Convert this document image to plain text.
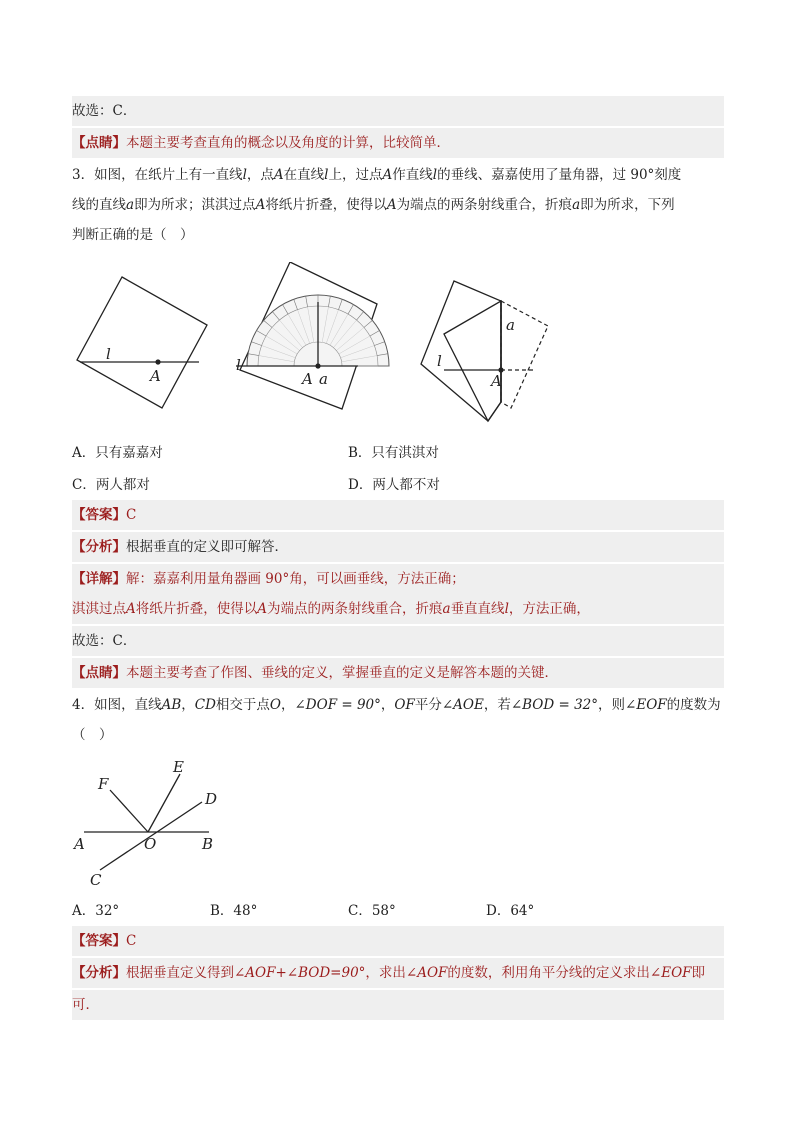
故选：C．
【点睛】本题主要考查直角的概念以及角度的计算，比较简单．
3．如图，在纸片上有一直线l，点A在直线l上，过点A作直线l的垂线、嘉嘉使用了量角器，过 90°刻度
线的直线a即为所求；淇淇过点A将纸片折叠，使得以A为端点的两条射线重合，折痕a即为所求，下列
判断正确的是（　）
l
A
l
A a
l
A
a
A．只有嘉嘉对	B．只有淇淇对
C．两人都对	D．两人都不对
【答案】C
【分析】根据垂直的定义即可解答．
【详解】解：嘉嘉利用量角器画 90°角，可以画垂线，方法正确；
淇淇过点A将纸片折叠，使得以A为端点的两条射线重合，折痕a垂直直线l，方法正确，
故选：C．
【点睛】本题主要考查了作图、垂线的定义，掌握垂直的定义是解答本题的关键．
4．如图，直线AB，CD相交于点O，∠DOF = 90°，OF平分∠AOE，若∠BOD = 32°，则∠EOF的度数为
（　）
F
E
D
A	O	B
C
A．32°	B．48°	C．58°	D．64°
【答案】C
【分析】根据垂直定义得到∠AOF+∠BOD=90°，求出∠AOF的度数，利用角平分线的定义求出∠EOF即
可．
